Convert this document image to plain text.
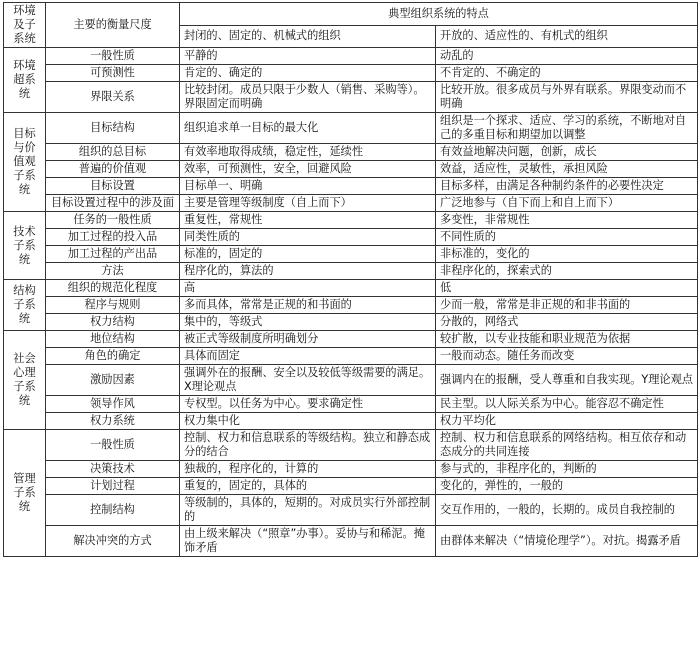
环境及子系统	主要的衡量尺度	典型组织系统的特点	
		封闭的、固定的、机械式的组织	开放的、适应性的、有机式的组织
环境超系统	一般性质	平静的	动乱的
	可预测性	肯定的、确定的	不肯定的、不确定的
	界限关系	比较封闭。成员只限于少数人（销售、采购等）。界限固定而明确	比较开放。很多成员与外界有联系。界限变动而不明确
目标与价值观子系统	目标结构	组织追求单一目标的最大化	组织是一个探求、适应、学习的系统，不断地对自己的多重目标和期望加以调整
	组织的总目标	有效率地取得成绩，稳定性，延续性	有效益地解决问题，创新，成长
	普遍的价值观	效率，可预测性，安全，回避风险	效益，适应性，灵敏性，承担风险
	目标设置	目标单一、明确	目标多样，由满足各种制约条件的必要性决定
	目标设置过程中的涉及面	主要是管理等级制度（自上而下）	广泛地参与（自下而上和自上而下）
技术子系统	任务的一般性质	重复性，常规性	多变性，非常规性
	加工过程的投入品	同类性质的	不同性质的
	加工过程的产出品	标准的，固定的	非标准的，变化的
	方法	程序化的，算法的	非程序化的，探索式的
结构子系统	组织的规范化程度	高	低
	程序与规则	多而具体，常常是正规的和书面的	少而一般，常常是非正规的和非书面的
	权力结构	集中的，等级式	分散的，网络式
社会心理子系统	地位结构	被正式等级制度所明确划分	较扩散，以专业技能和职业规范为依据
	角色的确定	具体而固定	一般而动态。随任务而改变
	激励因素	强调外在的报酬、安全以及较低等级需要的满足。X理论观点	强调内在的报酬，受人尊重和自我实现。Y理论观点
	领导作风	专权型。以任务为中心。要求确定性	民主型。以人际关系为中心。能容忍不确定性
	权力系统	权力集中化	权力平均化
管理子系统	一般性质	控制、权力和信息联系的等级结构。独立和静态成分的结合	控制、权力和信息联系的网络结构。相互依存和动态成分的共同连接
	决策技术	独裁的，程序化的，计算的	参与式的，非程序化的，判断的
	计划过程	重复的，固定的，具体的	变化的，弹性的，一般的
	控制结构	等级制的，具体的，短期的。对成员实行外部控制的	交互作用的，一般的，长期的。成员自我控制的
	解决冲突的方式	由上级来解决（“照章”办事）。妥协与和稀泥。掩饰矛盾	由群体来解决（“情境伦理学”）。对抗。揭露矛盾
